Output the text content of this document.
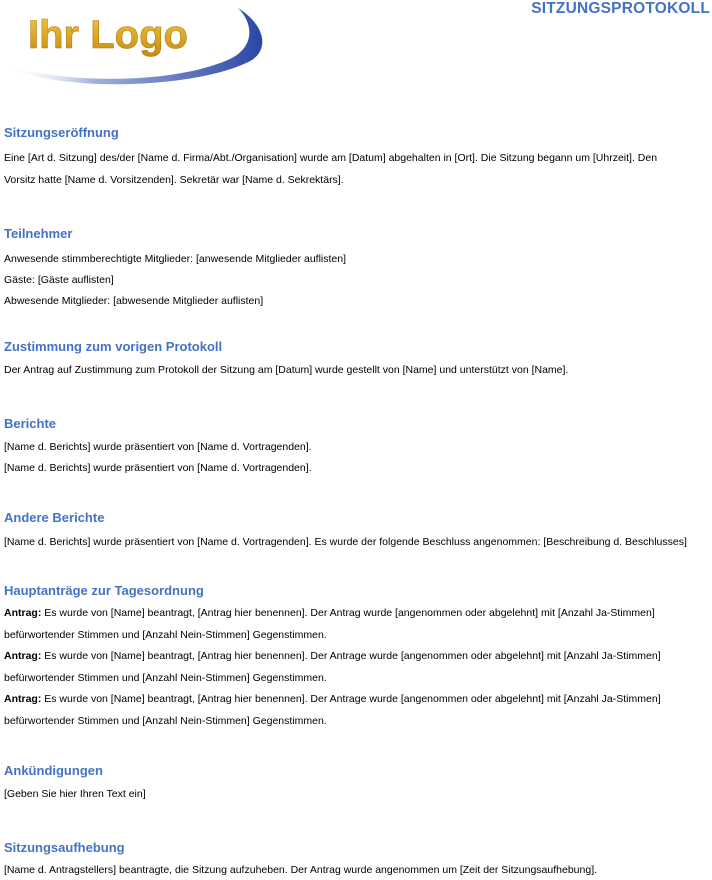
Ihr Logo
SITZUNGSPROTOKOLL
Sitzungseröffnung
Eine [Art d. Sitzung] des/der [Name d. Firma/Abt./Organisation] wurde am [Datum] abgehalten in [Ort]. Die Sitzung begann um [Uhrzeit]. Den
Vorsitz hatte [Name d. Vorsitzenden]. Sekretär war [Name d. Sekrektärs].
Teilnehmer
Anwesende stimmberechtigte Mitglieder: [anwesende Mitglieder auflisten]
Gäste: [Gäste auflisten]
Abwesende Mitglieder: [abwesende Mitglieder auflisten]
Zustimmung zum vorigen Protokoll
Der Antrag auf Zustimmung zum Protokoll der Sitzung am [Datum] wurde gestellt von [Name] und unterstützt von [Name].
Berichte
[Name d. Berichts] wurde präsentiert von [Name d. Vortragenden].
[Name d. Berichts] wurde präsentiert von [Name d. Vortragenden].
Andere Berichte
[Name d. Berichts] wurde präsentiert von [Name d. Vortragenden]. Es wurde der folgende Beschluss angenommen: [Beschreibung d. Beschlusses]
Hauptanträge zur Tagesordnung
Antrag: Es wurde von [Name] beantragt, [Antrag hier benennen]. Der Antrag wurde [angenommen oder abgelehnt] mit [Anzahl Ja-Stimmen]
befürwortender Stimmen und [Anzahl Nein-Stimmen] Gegenstimmen.
Antrag: Es wurde von [Name] beantragt, [Antrag hier benennen]. Der Antrage wurde [angenommen oder abgelehnt] mit [Anzahl Ja-Stimmen]
befürwortender Stimmen und [Anzahl Nein-Stimmen] Gegenstimmen.
Antrag: Es wurde von [Name] beantragt, [Antrag hier benennen]. Der Antrage wurde [angenommen oder abgelehnt] mit [Anzahl Ja-Stimmen]
befürwortender Stimmen und [Anzahl Nein-Stimmen] Gegenstimmen.
Ankündigungen
[Geben Sie hier Ihren Text ein]
Sitzungsaufhebung
[Name d. Antragstellers] beantragte, die Sitzung aufzuheben. Der Antrag wurde angenommen um [Zeit der Sitzungsaufhebung].
